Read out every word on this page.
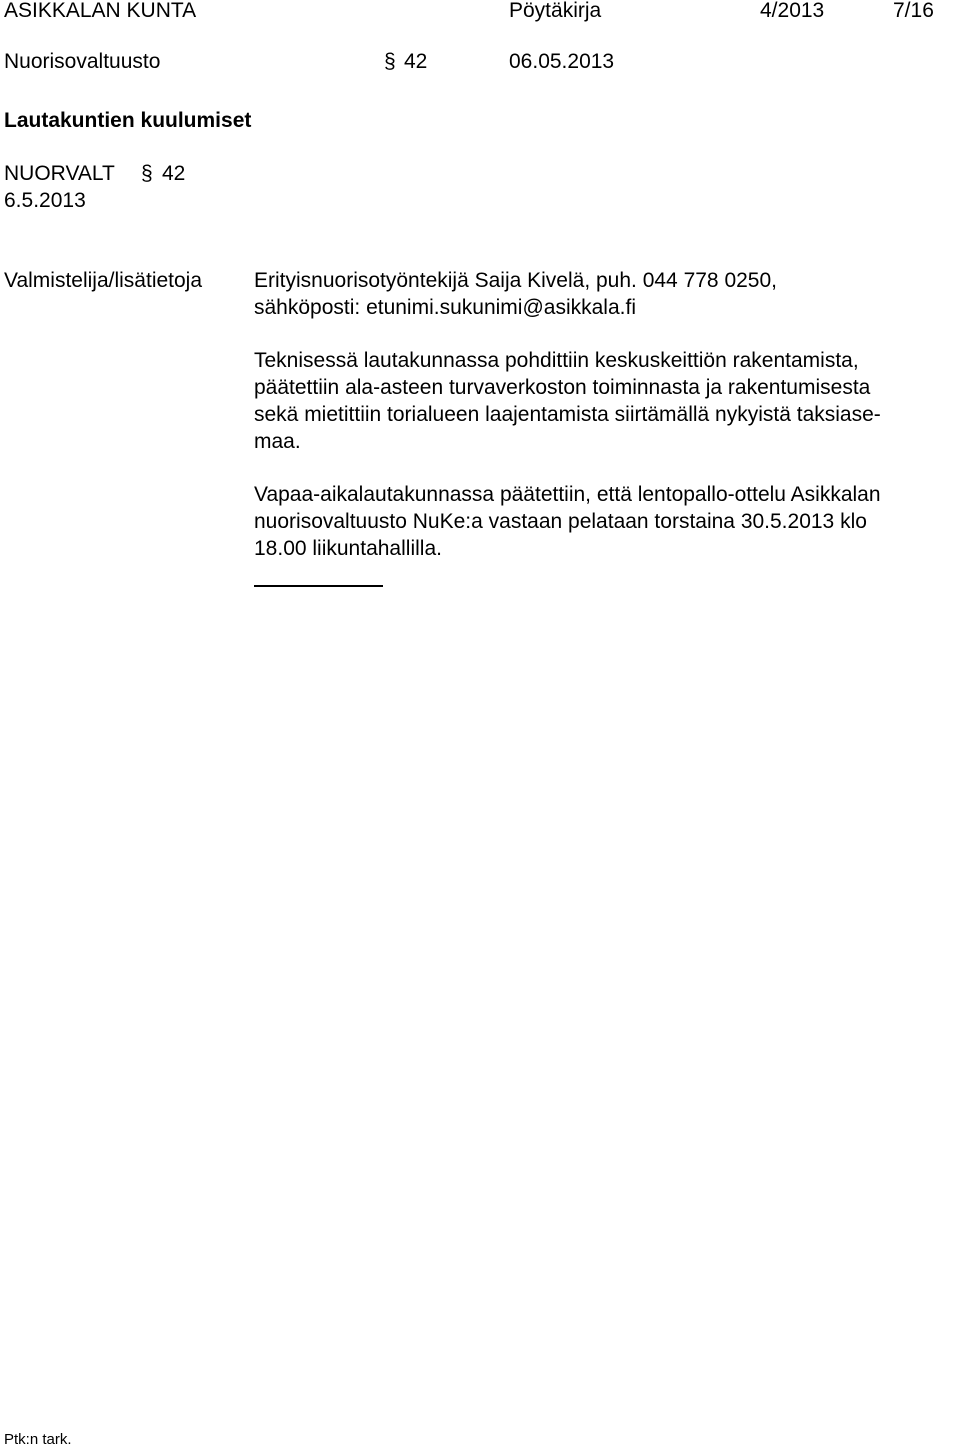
ASIKKALAN KUNTA	Pöytäkirja	4/2013	7/16
Nuorisovaltuusto	§ 42	06.05.2013
Lautakuntien kuulumiset
NUORVALT § 42
6.5.2013
Valmistelija/lisätietoja Erityisnuorisotyöntekijä Saija Kivelä, puh. 044 778 0250,
sähköposti: etunimi.sukunimi@asikkala.fi
Teknisessä lautakunnassa pohdittiin keskuskeittiön rakentamista,
päätettiin ala-asteen turvaverkoston toiminnasta ja rakentumisesta
sekä mietittiin torialueen laajentamista siirtämällä nykyistä taksiase-
maa.
Vapaa-aikalautakunnassa päätettiin, että lentopallo-ottelu Asikkalan
nuorisovaltuusto NuKe:a vastaan pelataan torstaina 30.5.2013 klo
18.00 liikuntahallilla.
Ptk:n tark.
